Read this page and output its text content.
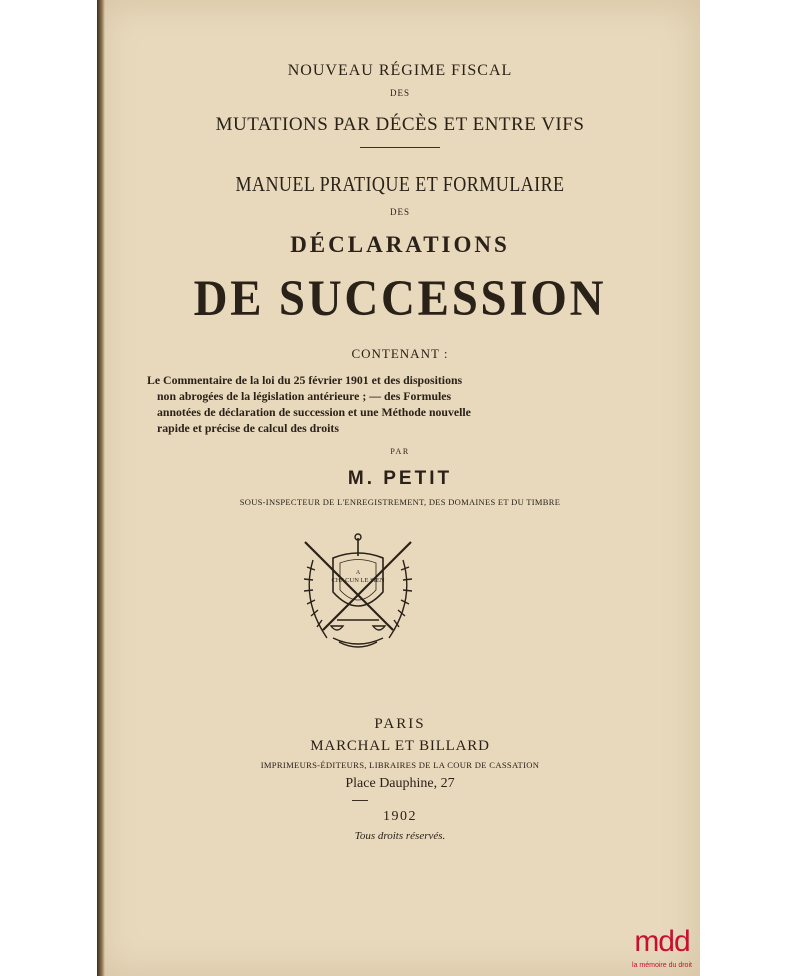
NOUVEAU RÉGIME FISCAL
DES
MUTATIONS PAR DÉCÈS ET ENTRE VIFS
MANUEL PRATIQUE ET FORMULAIRE
DES
DÉCLARATIONS
DE SUCCESSION
CONTENANT :
Le Commentaire de la loi du 25 février 1901 et des dispositions
non abrogées de la législation antérieure ; — des Formules
annotées de déclaration de succession et une Méthode nouvelle
rapide et précise de calcul des droits
PAR
M. PETIT
SOUS-INSPECTEUR DE L'ENREGISTREMENT, DES DOMAINES ET DU TIMBRE
A
CHACUN LE SIEN
PARIS
MARCHAL ET BILLARD
IMPRIMEURS-ÉDITEURS, LIBRAIRES DE LA COUR DE CASSATION
Place Dauphine, 27
1902
Tous droits réservés.
mdd
la mémoire du droit
